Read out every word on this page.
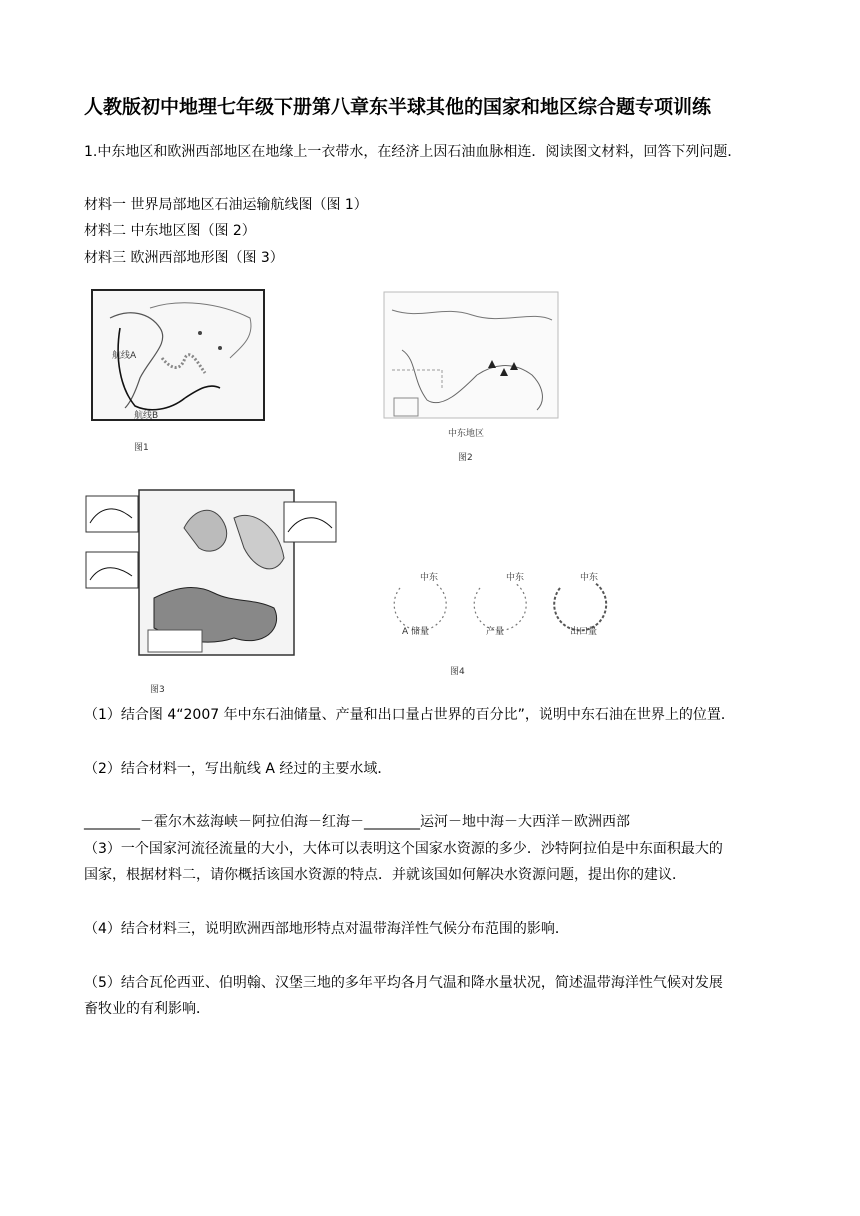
人教版初中地理七年级下册第八章东半球其他的国家和地区综合题专项训练
1.中东地区和欧洲西部地区在地缘上一衣带水，在经济上因石油血脉相连．阅读图文材料，回答下列问题．
材料一 世界局部地区石油运输航线图（图 1）
材料二 中东地区图（图 2）
材料三 欧洲西部地形图（图 3）
航线A
航线B
图1
中东地区
图2
图3
中东	中东	中东
A 储量	产量	出口量
图4
（1）结合图 4“2007 年中东石油储量、产量和出口量占世界的百分比”，说明中东石油在世界上的位置．
（2）结合材料一，写出航线 A 经过的主要水域．
________－霍尔木兹海峡－阿拉伯海－红海－________运河－地中海－大西洋－欧洲西部
（3）一个国家河流径流量的大小，大体可以表明这个国家水资源的多少．沙特阿拉伯是中东面积最大的
国家，根据材料二，请你概括该国水资源的特点．并就该国如何解决水资源问题，提出你的建议．
（4）结合材料三，说明欧洲西部地形特点对温带海洋性气候分布范围的影响．
（5）结合瓦伦西亚、伯明翰、汉堡三地的多年平均各月气温和降水量状况，简述温带海洋性气候对发展
畜牧业的有利影响．
